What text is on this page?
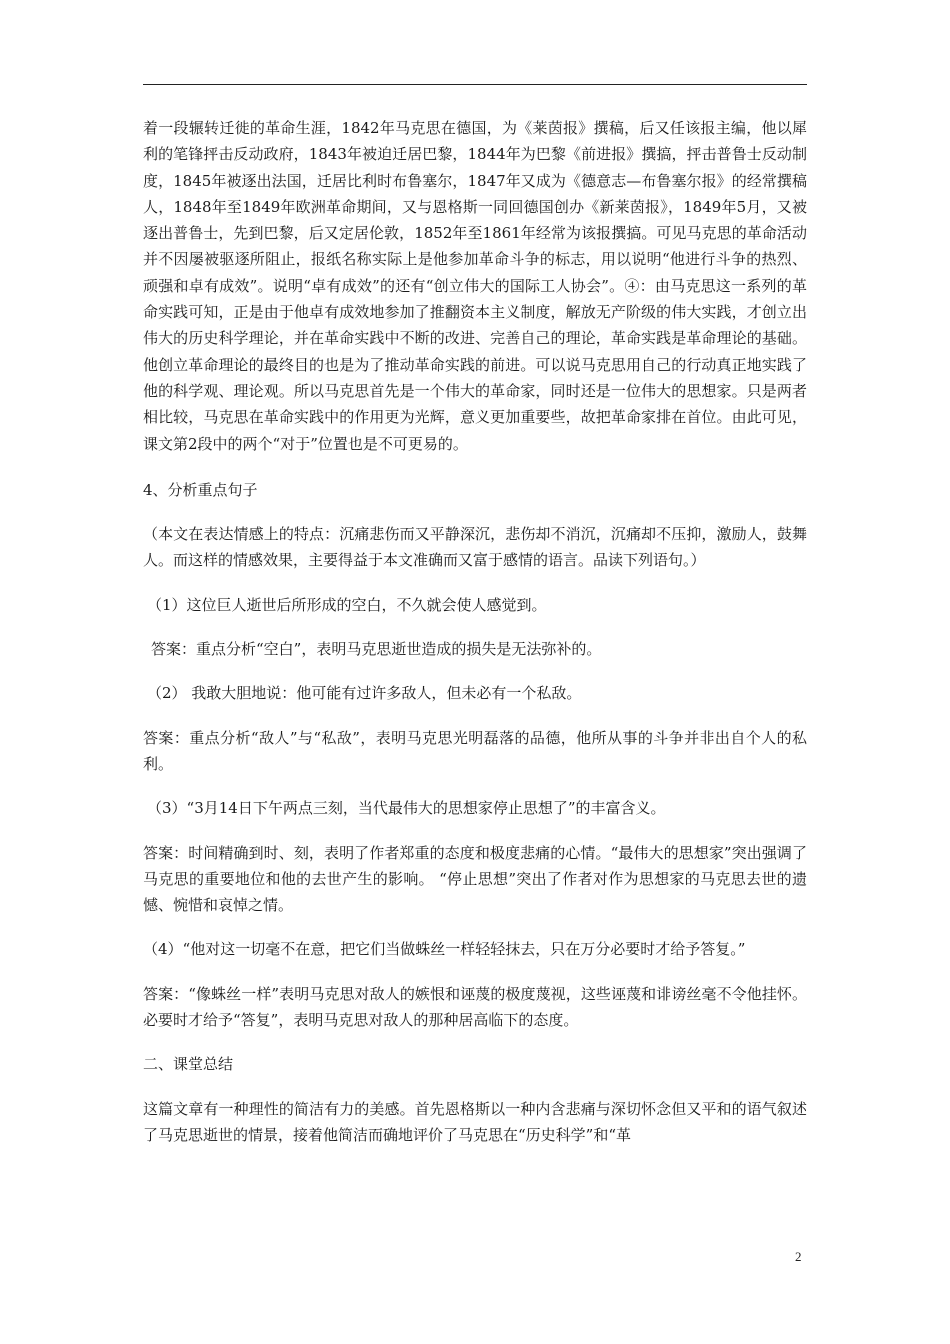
着一段辗转迁徙的革命生涯，1842年马克思在德国，为《莱茵报》撰稿，后又任该报主编，他以犀利的笔锋抨击反动政府，1843年被迫迁居巴黎，1844年为巴黎《前进报》撰搞，抨击普鲁士反动制度，1845年被逐出法国，迁居比利时布鲁塞尔，1847年又成为《德意志—布鲁塞尔报》的经常撰稿人，1848年至1849年欧洲革命期间，又与恩格斯一同回德国创办《新莱茵报》，1849年5月，又被逐出普鲁士，先到巴黎，后又定居伦敦，1852年至1861年经常为该报撰搞。可见马克思的革命活动并不因屡被驱逐所阻止，报纸名称实际上是他参加革命斗争的标志，用以说明“他进行斗争的热烈、顽强和卓有成效”。说明“卓有成效”的还有“创立伟大的国际工人协会”。④：由马克思这一系列的革命实践可知，正是由于他卓有成效地参加了推翻资本主义制度，解放无产阶级的伟大实践，才创立出伟大的历史科学理论，并在革命实践中不断的改进、完善自己的理论，革命实践是革命理论的基础。他创立革命理论的最终目的也是为了推动革命实践的前进。可以说马克思用自己的行动真正地实践了他的科学观、理论观。所以马克思首先是一个伟大的革命家，同时还是一位伟大的思想家。只是两者相比较，马克思在革命实践中的作用更为光辉，意义更加重要些，故把革命家排在首位。由此可见，课文第2段中的两个“对于”位置也是不可更易的。

4、分析重点句子

（本文在表达情感上的特点：沉痛悲伤而又平静深沉，悲伤却不消沉，沉痛却不压抑，激励人，鼓舞人。而这样的情感效果，主要得益于本文准确而又富于感情的语言。品读下列语句。）

（1）这位巨人逝世后所形成的空白，不久就会使人感觉到。

答案：重点分析“空白”，表明马克思逝世造成的损失是无法弥补的。

（2） 我敢大胆地说：他可能有过许多敌人，但未必有一个私敌。

答案：重点分析“敌人”与“私敌”，表明马克思光明磊落的品德，他所从事的斗争并非出自个人的私利。

（3）“3月14日下午两点三刻，当代最伟大的思想家停止思想了”的丰富含义。

答案：时间精确到时、刻，表明了作者郑重的态度和极度悲痛的心情。“最伟大的思想家”突出强调了马克思的重要地位和他的去世产生的影响。 “停止思想”突出了作者对作为思想家的马克思去世的遗憾、惋惜和哀悼之情。

（4）“他对这一切毫不在意，把它们当做蛛丝一样轻轻抹去，只在万分必要时才给予答复。”

答案：“像蛛丝一样”表明马克思对敌人的嫉恨和诬蔑的极度蔑视，这些诬蔑和诽谤丝毫不令他挂怀。必要时才给予“答复”，表明马克思对敌人的那种居高临下的态度。

二、课堂总结

这篇文章有一种理性的简洁有力的美感。首先恩格斯以一种内含悲痛与深切怀念但又平和的语气叙述了马克思逝世的情景，接着他简洁而确地评价了马克思在“历史科学”和“革

2
